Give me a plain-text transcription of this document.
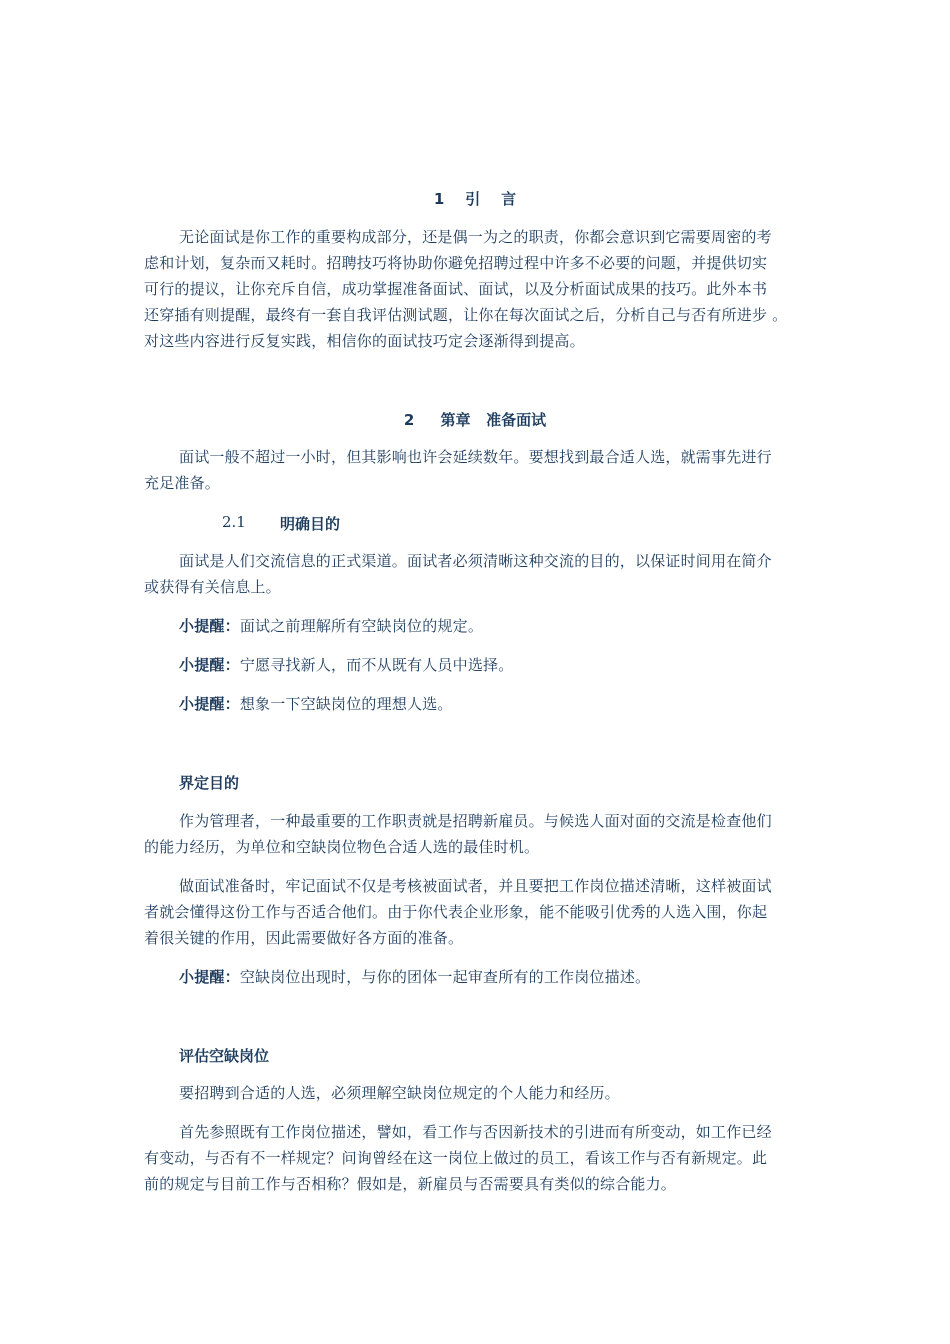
1    引    言
无论面试是你工作的重要构成部分，还是偶一为之的职责，你都会意识到它需要周密的考
虑和计划，复杂而又耗时。招聘技巧将协助你避免招聘过程中许多不必要的问题，并提供切实
可行的提议，让你充斥自信，成功掌握准备面试、面试，以及分析面试成果的技巧。此外本书
还穿插有则提醒，最终有一套自我评估测试题，让你在每次面试之后，分析自己与否有所进步 。
对这些内容进行反复实践，相信你的面试技巧定会逐渐得到提高。
2     第章   准备面试
面试一般不超过一小时，但其影响也许会延续数年。要想找到最合适人选，就需事先进行
充足准备。
2.1 明确目的
面试是人们交流信息的正式渠道。面试者必须清晰这种交流的目的，以保证时间用在简介
或获得有关信息上。
小提醒：面试之前理解所有空缺岗位的规定。
小提醒：宁愿寻找新人，而不从既有人员中选择。
小提醒：想象一下空缺岗位的理想人选。
界定目的
作为管理者，一种最重要的工作职责就是招聘新雇员。与候选人面对面的交流是检查他们
的能力经历，为单位和空缺岗位物色合适人选的最佳时机。
做面试准备时，牢记面试不仅是考核被面试者，并且要把工作岗位描述清晰，这样被面试
者就会懂得这份工作与否适合他们。由于你代表企业形象，能不能吸引优秀的人选入围，你起
着很关键的作用，因此需要做好各方面的准备。
小提醒：空缺岗位出现时，与你的团体一起审查所有的工作岗位描述。
评估空缺岗位
要招聘到合适的人选，必须理解空缺岗位规定的个人能力和经历。
首先参照既有工作岗位描述，譬如，看工作与否因新技术的引进而有所变动，如工作已经
有变动，与否有不一样规定？问询曾经在这一岗位上做过的员工，看该工作与否有新规定。此
前的规定与目前工作与否相称？假如是，新雇员与否需要具有类似的综合能力。
